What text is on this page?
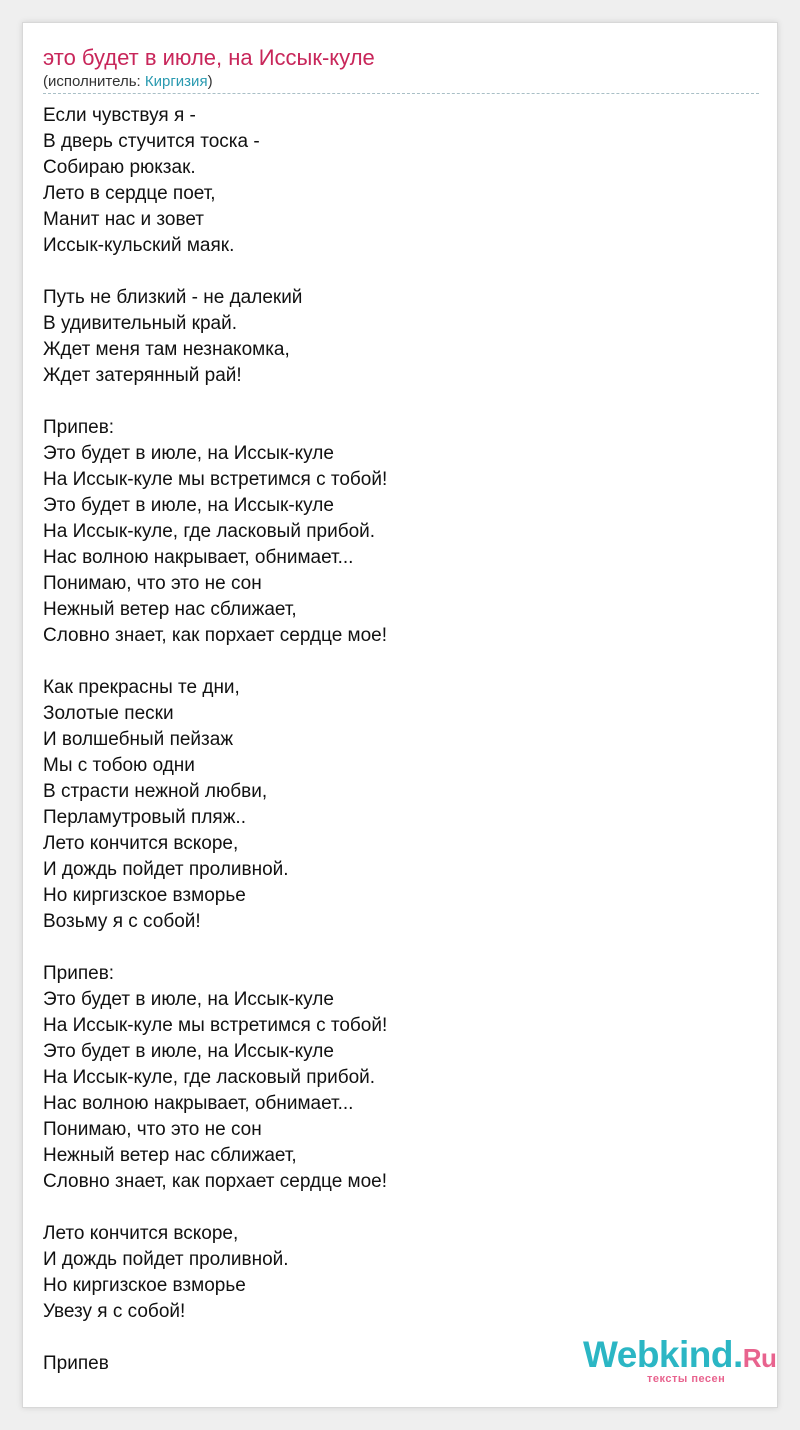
это будет в июле, на Иссык-куле
(исполнитель: Киргизия)
Если чувствуя я -
В дверь стучится тоска -
Собираю рюкзак.
Лето в сердце поет,
Манит нас и зовет
Иссык-кульский маяк.
Путь не близкий - не далекий
В удивительный край.
Ждет меня там незнакомка,
Ждет затерянный рай!
Припев:
Это будет в июле, на Иссык-куле
На Иссык-куле мы встретимся с тобой!
Это будет в июле, на Иссык-куле
На Иссык-куле, где ласковый прибой.
Нас волною накрывает, обнимает...
Понимаю, что это не сон
Нежный ветер нас сближает,
Словно знает, как порхает сердце мое!
Как прекрасны те дни,
Золотые пески
И волшебный пейзаж
Мы с тобою одни
В страсти нежной любви,
Перламутровый пляж..
Лето кончится вскоре,
И дождь пойдет проливной.
Но киргизское взморье
Возьму я с собой!
Припев:
Это будет в июле, на Иссык-куле
На Иссык-куле мы встретимся с тобой!
Это будет в июле, на Иссык-куле
На Иссык-куле, где ласковый прибой.
Нас волною накрывает, обнимает...
Понимаю, что это не сон
Нежный ветер нас сближает,
Словно знает, как порхает сердце мое!
Лето кончится вскоре,
И дождь пойдет проливной.
Но киргизское взморье
Увезу я с собой!
Припев	Webkind.Ru
тексты песен
